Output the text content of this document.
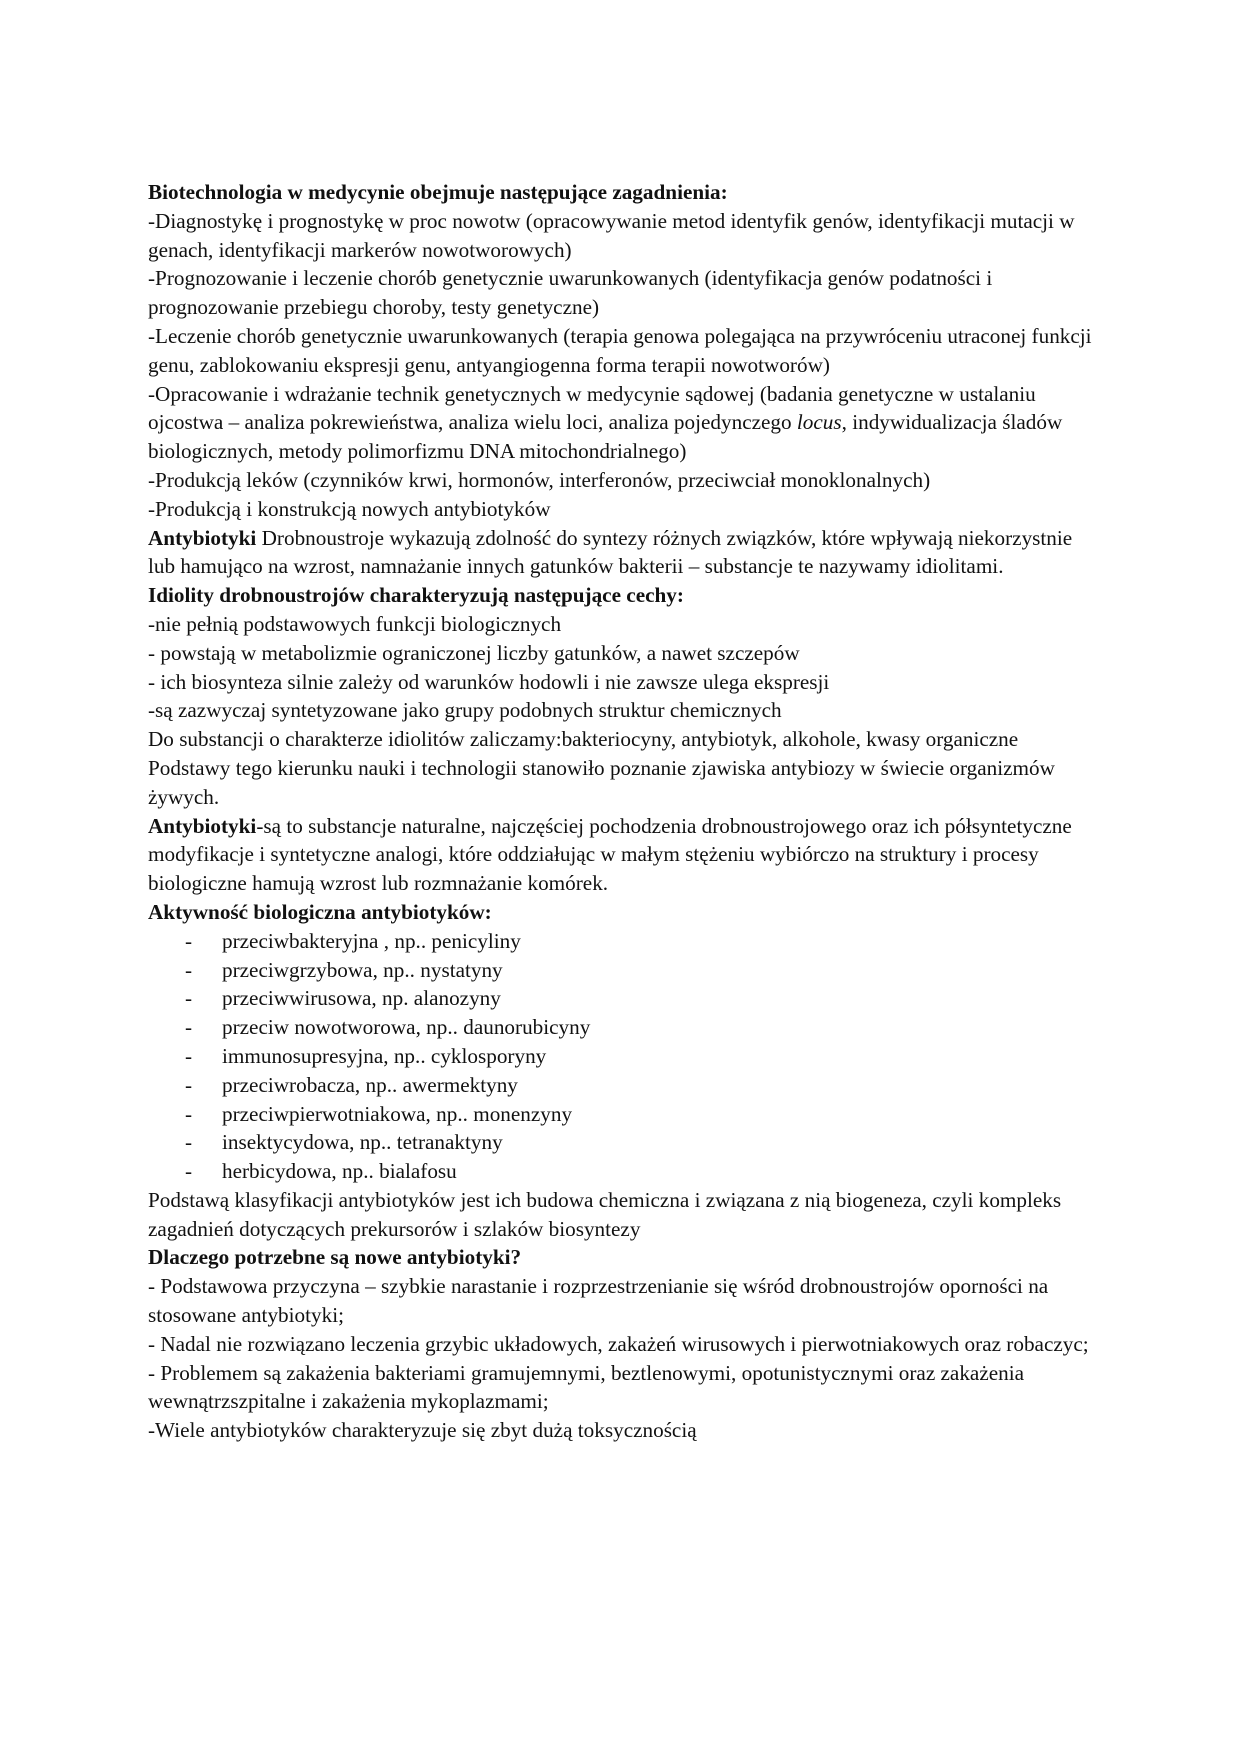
Biotechnologia w medycynie obejmuje następujące zagadnienia:

-Diagnostykę i prognostykę w proc nowotw (opracowywanie metod identyfik genów, identyfikacji mutacji w genach, identyfikacji markerów nowotworowych)

-Prognozowanie i leczenie chorób genetycznie uwarunkowanych (identyfikacja genów podatności i prognozowanie przebiegu choroby, testy genetyczne)

-Leczenie chorób genetycznie uwarunkowanych (terapia genowa polegająca na przywróceniu utraconej funkcji genu, zablokowaniu ekspresji genu, antyangiogenna forma terapii nowotworów)

-Opracowanie i wdrażanie technik genetycznych w medycynie sądowej (badania genetyczne w ustalaniu ojcostwa – analiza pokrewieństwa, analiza wielu loci, analiza pojedynczego locus, indywidualizacja śladów biologicznych, metody polimorfizmu DNA mitochondrialnego)

-Produkcją leków (czynników krwi, hormonów, interferonów, przeciwciał monoklonalnych)

-Produkcją i konstrukcją nowych antybiotyków

Antybiotyki Drobnoustroje wykazują zdolność do syntezy różnych związków, które wpływają niekorzystnie lub hamująco na wzrost, namnażanie innych gatunków bakterii – substancje te nazywamy idiolitami.

Idiolity drobnoustrojów charakteryzują następujące cechy:

-nie pełnią podstawowych funkcji biologicznych

- powstają w metabolizmie ograniczonej liczby gatunków, a nawet szczepów

- ich biosynteza silnie zależy od warunków hodowli i nie zawsze ulega ekspresji

-są zazwyczaj syntetyzowane jako grupy podobnych struktur chemicznych

Do substancji o charakterze idiolitów zaliczamy:bakteriocyny, antybiotyk, alkohole, kwasy organiczne

Podstawy tego kierunku nauki i technologii stanowiło poznanie zjawiska antybiozy w świecie organizmów żywych.

Antybiotyki-są to substancje naturalne, najczęściej pochodzenia drobnoustrojowego oraz ich półsyntetyczne modyfikacje i syntetyczne analogi, które oddziałując w małym stężeniu wybiórczo na struktury i procesy biologiczne hamują wzrost lub rozmnażanie komórek.

Aktywność biologiczna antybiotyków:

- przeciwbakteryjna , np.. penicyliny
- przeciwgrzybowa, np.. nystatyny
- przeciwwirusowa, np. alanozyny
- przeciw nowotworowa, np.. daunorubicyny
- immunosupresyjna, np.. cyklosporyny
- przeciwrobacza, np.. awermektyny
- przeciwpierwotniakowa, np.. monenzyny
- insektycydowa, np.. tetranaktyny
- herbicydowa, np.. bialafosu

Podstawą klasyfikacji antybiotyków jest ich budowa chemiczna i związana z nią biogeneza, czyli kompleks zagadnień dotyczących prekursorów i szlaków biosyntezy

Dlaczego potrzebne są nowe antybiotyki?

- Podstawowa przyczyna – szybkie narastanie i rozprzestrzenianie się wśród drobnoustrojów oporności na stosowane antybiotyki;

- Nadal nie rozwiązano leczenia grzybic układowych, zakażeń wirusowych i pierwotniakowych oraz robaczyc;

- Problemem są zakażenia bakteriami gramujemnymi, beztlenowymi, opotunistycznymi oraz zakażenia wewnątrzszpitalne i zakażenia mykoplazmami;

-Wiele antybiotyków charakteryzuje się zbyt dużą toksycznością
